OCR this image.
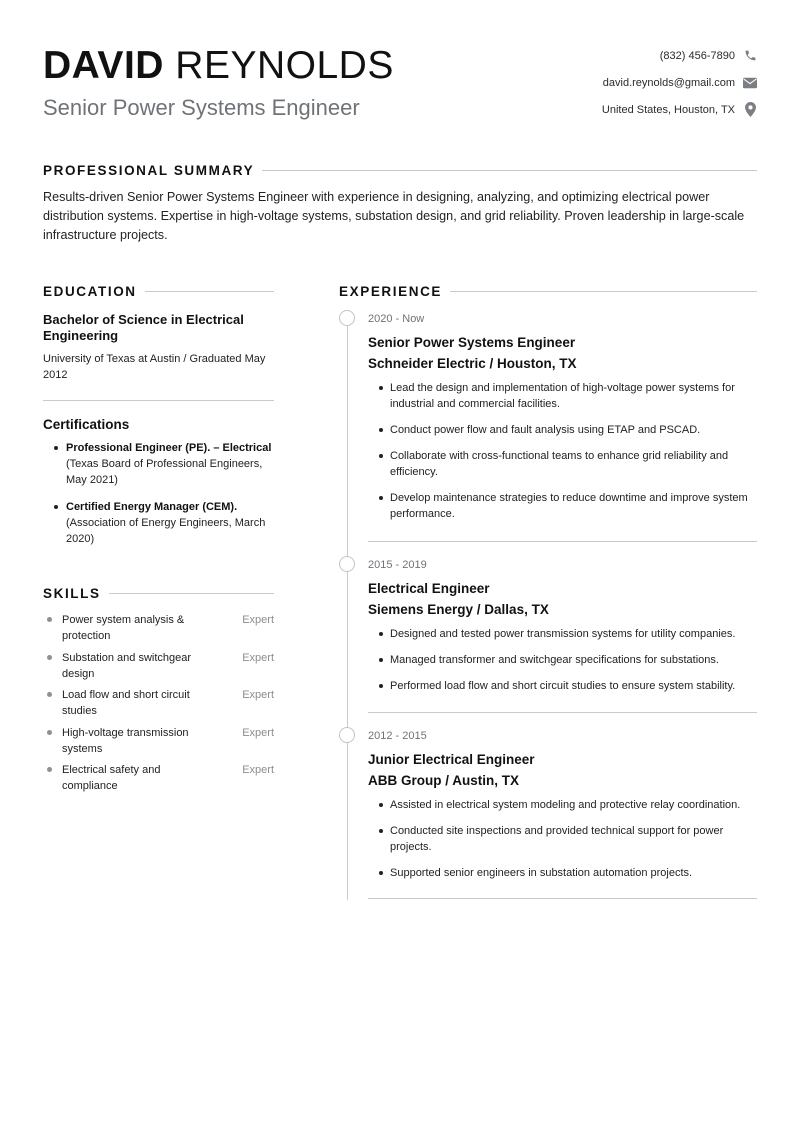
DAVID REYNOLDS
Senior Power Systems Engineer
(832) 456-7890
david.reynolds@gmail.com
United States, Houston, TX
PROFESSIONAL SUMMARY
Results-driven Senior Power Systems Engineer with experience in designing, analyzing, and optimizing electrical power distribution systems. Expertise in high-voltage systems, substation design, and grid reliability. Proven leadership in large-scale infrastructure projects.
EDUCATION
Bachelor of Science in Electrical Engineering
University of Texas at Austin / Graduated May 2012
Certifications
Professional Engineer (PE). – Electrical (Texas Board of Professional Engineers, May 2021)
Certified Energy Manager (CEM). (Association of Energy Engineers, March 2020)
SKILLS
Power system analysis & protection
Expert
Substation and switchgear design
Expert
Load flow and short circuit studies
Expert
High-voltage transmission systems
Expert
Electrical safety and compliance
Expert
EXPERIENCE
2020 - Now
Senior Power Systems Engineer
Schneider Electric / Houston, TX
Lead the design and implementation of high-voltage power systems for industrial and commercial facilities.
Conduct power flow and fault analysis using ETAP and PSCAD.
Collaborate with cross-functional teams to enhance grid reliability and efficiency.
Develop maintenance strategies to reduce downtime and improve system performance.
2015 - 2019
Electrical Engineer
Siemens Energy / Dallas, TX
Designed and tested power transmission systems for utility companies.
Managed transformer and switchgear specifications for substations.
Performed load flow and short circuit studies to ensure system stability.
2012 - 2015
Junior Electrical Engineer
ABB Group / Austin, TX
Assisted in electrical system modeling and protective relay coordination.
Conducted site inspections and provided technical support for power projects.
Supported senior engineers in substation automation projects.
